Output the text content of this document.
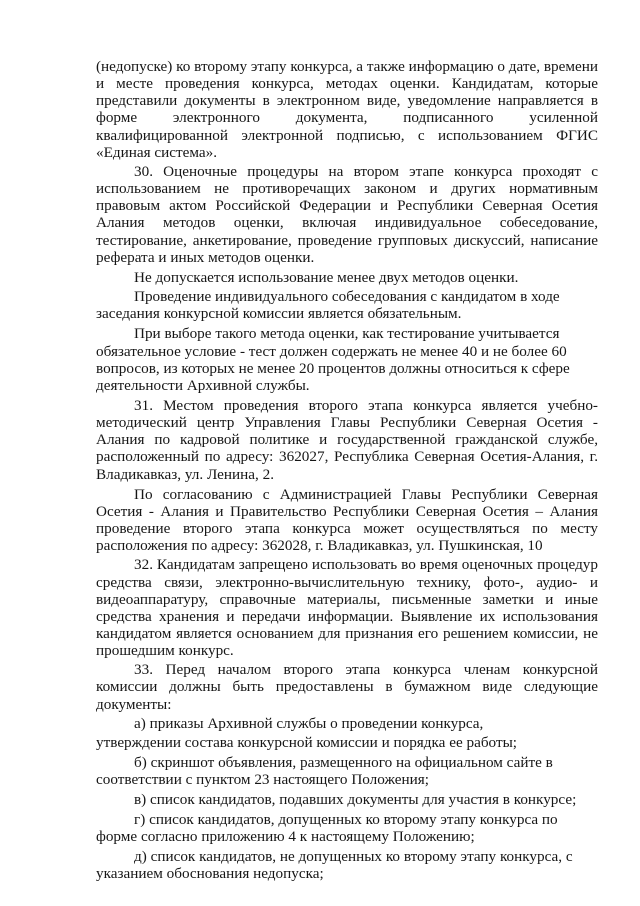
(недопуске) ко второму этапу конкурса, а также информацию о дате, времени и месте проведения конкурса, методах оценки. Кандидатам, которые представили документы в электронном виде, уведомление направляется в форме электронного документа, подписанного усиленной квалифицированной электронной подписью, с использованием ФГИС «Единая система».

30. Оценочные процедуры на втором этапе конкурса проходят с использованием не противоречащих законом и других нормативным правовым актом Российской Федерации и Республики Северная Осетия Алания методов оценки, включая индивидуальное собеседование, тестирование, анкетирование, проведение групповых дискуссий, написание реферата и иных методов оценки.

Не допускается использование менее двух методов оценки.

Проведение индивидуального собеседования с кандидатом в ходе заседания конкурсной комиссии является обязательным.

При выборе такого метода оценки, как тестирование учитывается обязательное условие - тест должен содержать не менее 40 и не более 60 вопросов, из которых не менее 20 процентов должны относиться к сфере деятельности Архивной службы.

31. Местом проведения второго этапа конкурса является учебно-методический центр Управления Главы Республики Северная Осетия - Алания по кадровой политике и государственной гражданской службе, расположенный по адресу: 362027, Республика Северная Осетия-Алания, г. Владикавказ, ул. Ленина, 2.

По согласованию с Администрацией Главы Республики Северная Осетия - Алания и Правительство Республики Северная Осетия – Алания проведение второго этапа конкурса может осуществляться по месту расположения по адресу: 362028, г. Владикавказ, ул. Пушкинская, 10

32. Кандидатам запрещено использовать во время оценочных процедур средства связи, электронно-вычислительную технику, фото-, аудио- и видеоаппаратуру, справочные материалы, письменные заметки и иные средства хранения и передачи информации. Выявление их использования кандидатом является основанием для признания его решением комиссии, не прошедшим конкурс.

33. Перед началом второго этапа конкурса членам конкурсной комиссии должны быть предоставлены в бумажном виде следующие документы:

а) приказы Архивной службы о проведении конкурса,

утверждении состава конкурсной комиссии и порядка ее работы;

б) скриншот объявления, размещенного на официальном сайте в соответствии с пунктом 23 настоящего Положения;

в) список кандидатов, подавших документы для участия в конкурсе;

г) список кандидатов, допущенных ко второму этапу конкурса по форме согласно приложению 4 к настоящему Положению;

д) список кандидатов, не допущенных ко второму этапу конкурса, с указанием обоснования недопуска;
